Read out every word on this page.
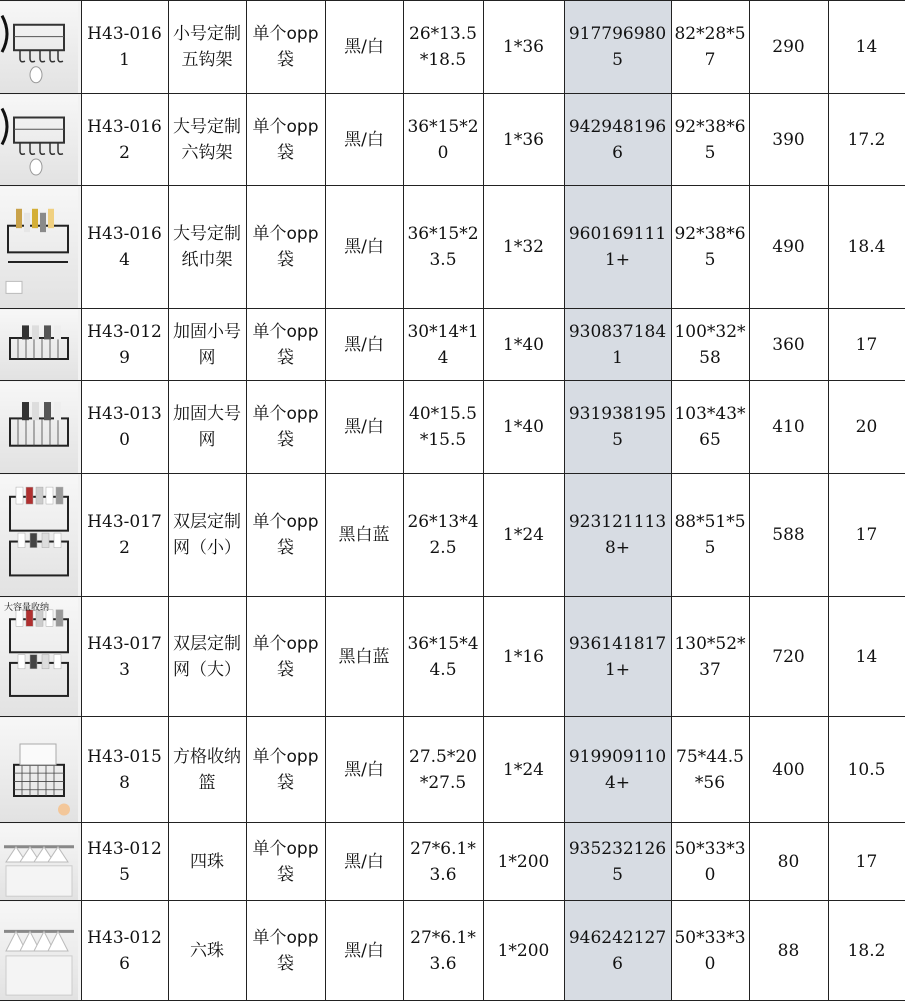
	H43-0161	小号定制五钩架	单个opp袋	黑/白	26*13.5*18.5	1*36	9177969805	82*28*57	290	14

	H43-0162	大号定制六钩架	单个opp袋	黑/白	36*15*20	1*36	9429481966	92*38*65	390	17.2

	H43-0164	大号定制纸巾架	单个opp袋	黑/白	36*15*23.5	1*32	9601691111+	92*38*65	490	18.4

	H43-0129	加固小号网	单个opp袋	黑/白	30*14*14	1*40	9308371841	100*32*58	360	17

	H43-0130	加固大号网	单个opp袋	黑/白	40*15.5*15.5	1*40	9319381955	103*43*65	410	20

	H43-0172	双层定制网（小）	单个opp袋	黑白蓝	26*13*42.5	1*24	9231211138+	88*51*55	588	17

大容量收纳	H43-0173	双层定制网（大）	单个opp袋	黑白蓝	36*15*44.5	1*16	9361418171+	130*52*37	720	14

	H43-0158	方格收纳篮	单个opp袋	黑/白	27.5*20*27.5	1*24	9199091104+	75*44.5*56	400	10.5

	H43-0125	四珠	单个opp袋	黑/白	27*6.1*3.6	1*200	9352321265	50*33*30	80	17

	H43-0126	六珠	单个opp袋	黑/白	27*6.1*3.6	1*200	9462421276	50*33*30	88	18.2
